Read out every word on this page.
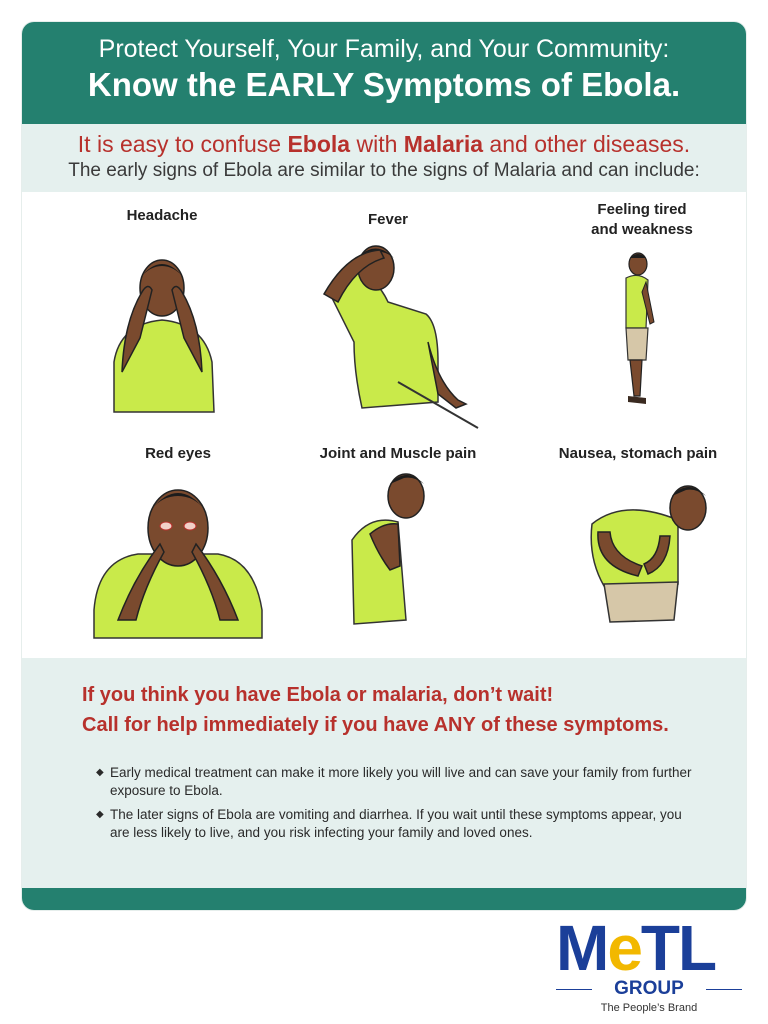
Protect Yourself, Your Family, and Your Community:
Know the EARLY Symptoms of Ebola.
It is easy to confuse Ebola with Malaria and other diseases.
The early signs of Ebola are similar to the signs of Malaria and can include:
Headache	Fever
Feeling tired
and weakness
Red eyes	Joint and Muscle pain	Nausea, stomach pain
If you think you have Ebola or malaria, don’t wait!
Call for help immediately if you have ANY of these symptoms.
◆ Early medical treatment can make it more likely you will live and can save your family from further exposure to Ebola.
◆ The later signs of Ebola are vomiting and diarrhea. If you wait until these symptoms appear, you are less likely to live, and you risk infecting your family and loved ones.
MeTL
GROUP
The People’s Brand
